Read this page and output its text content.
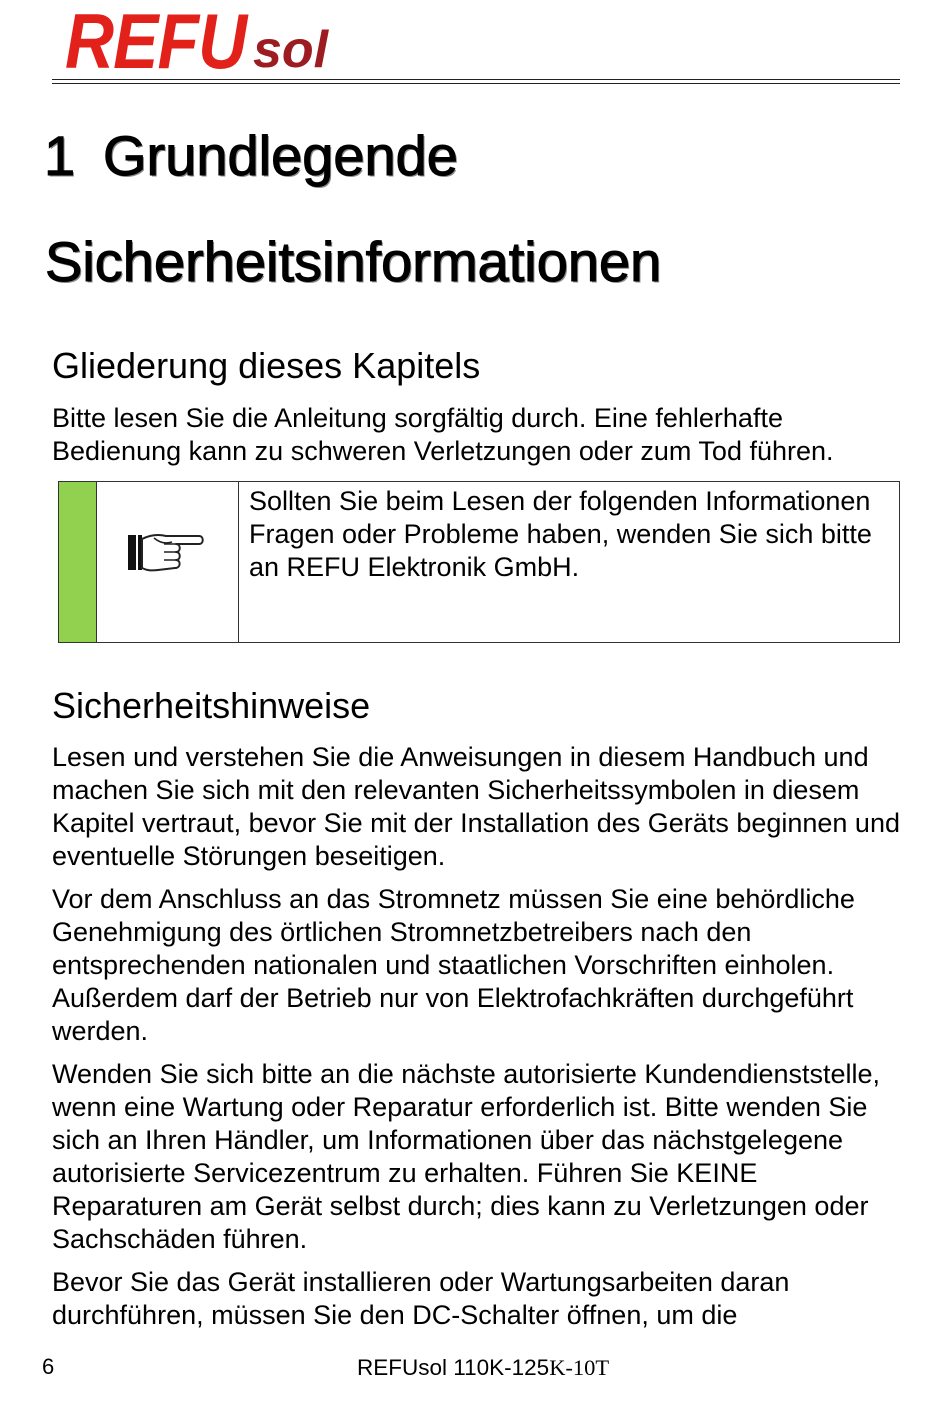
REFU sol
1 Grundlegende
Sicherheitsinformationen
Gliederung dieses Kapitels

Bitte lesen Sie die Anleitung sorgfältig durch. Eine fehlerhafte
Bedienung kann zu schweren Verletzungen oder zum Tod führen.

Sollten Sie beim Lesen der folgenden Informationen
Fragen oder Probleme haben, wenden Sie sich bitte
an REFU Elektronik GmbH.
Sicherheitshinweise

Lesen und verstehen Sie die Anweisungen in diesem Handbuch und
machen Sie sich mit den relevanten Sicherheitssymbolen in diesem
Kapitel vertraut, bevor Sie mit der Installation des Geräts beginnen und
eventuelle Störungen beseitigen.

Vor dem Anschluss an das Stromnetz müssen Sie eine behördliche
Genehmigung des örtlichen Stromnetzbetreibers nach den
entsprechenden nationalen und staatlichen Vorschriften einholen.
Außerdem darf der Betrieb nur von Elektrofachkräften durchgeführt
werden.

Wenden Sie sich bitte an die nächste autorisierte Kundendienststelle,
wenn eine Wartung oder Reparatur erforderlich ist. Bitte wenden Sie
sich an Ihren Händler, um Informationen über das nächstgelegene
autorisierte Servicezentrum zu erhalten. Führen Sie KEINE
Reparaturen am Gerät selbst durch; dies kann zu Verletzungen oder
Sachschäden führen.

Bevor Sie das Gerät installieren oder Wartungsarbeiten daran
durchführen, müssen Sie den DC-Schalter öffnen, um die

6	REFUsol 110K-125K-10T
